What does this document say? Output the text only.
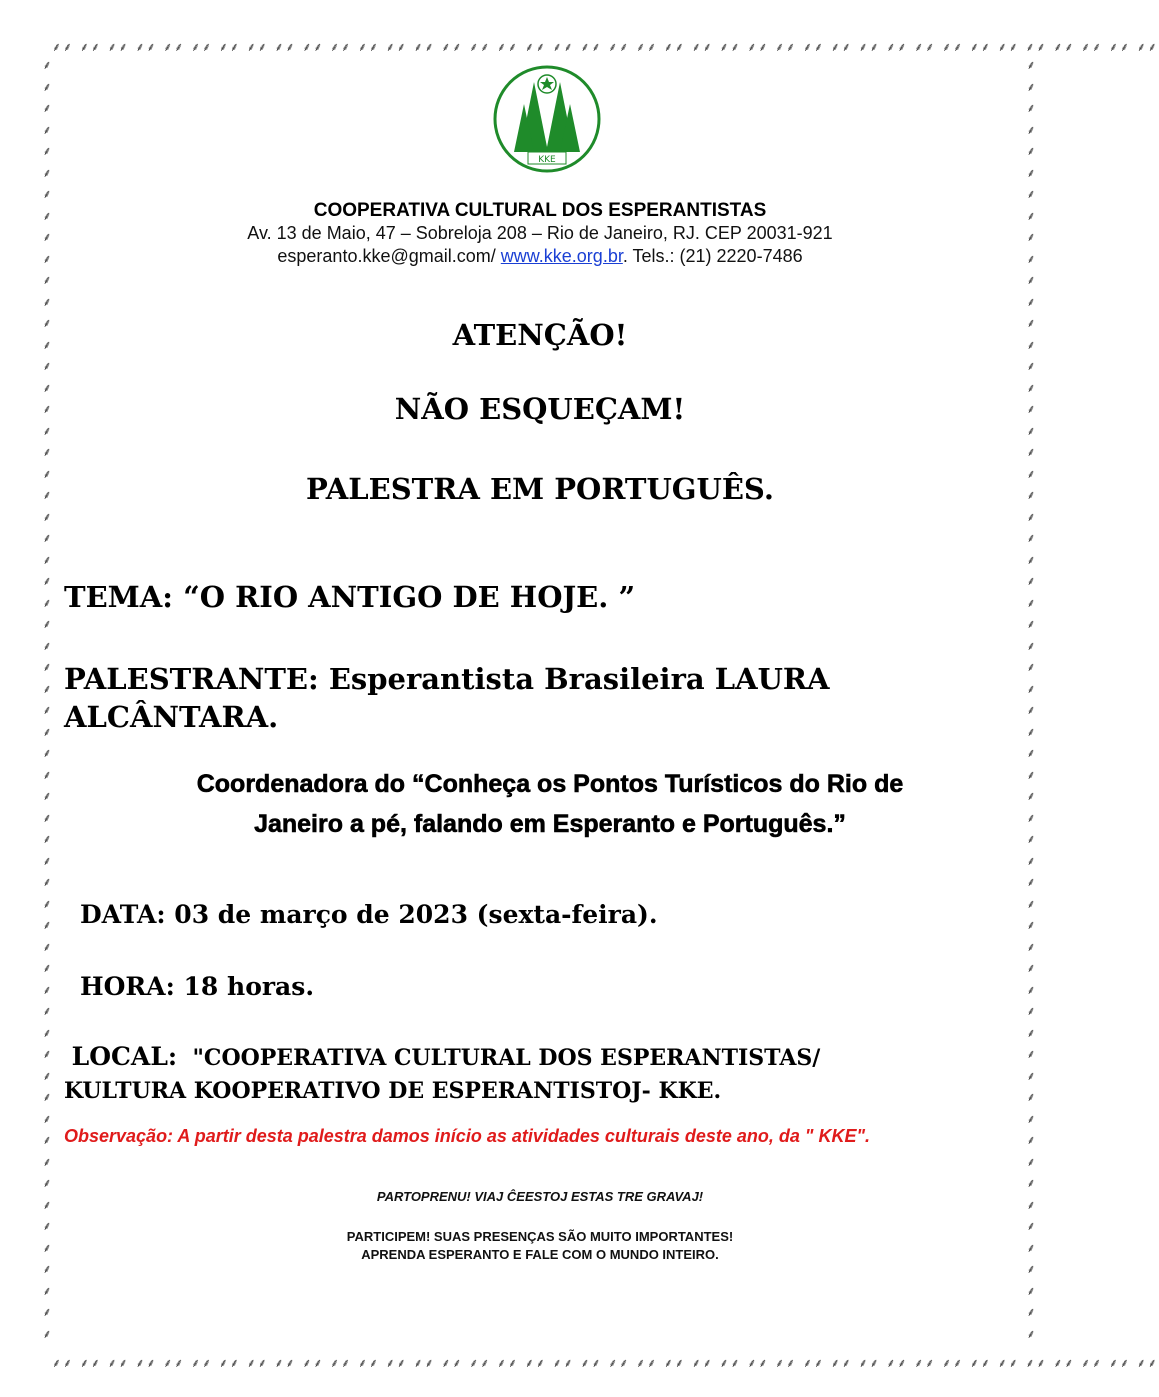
⸙⸙ ⸙⸙ ⸙⸙ ⸙⸙ ⸙⸙ ⸙⸙ ⸙⸙ ⸙⸙ ⸙⸙ ⸙⸙ ⸙⸙ ⸙⸙ ⸙⸙ ⸙⸙ ⸙⸙ ⸙⸙ ⸙⸙ ⸙⸙ ⸙⸙ ⸙⸙ ⸙⸙ ⸙⸙ ⸙⸙ ⸙⸙ ⸙⸙ ⸙⸙ ⸙⸙ ⸙⸙ ⸙⸙ ⸙⸙ ⸙⸙ ⸙⸙ ⸙⸙ ⸙⸙ ⸙⸙ ⸙⸙ ⸙⸙ ⸙⸙ ⸙⸙ ⸙⸙
⸙⸙ ⸙⸙ ⸙⸙ ⸙⸙ ⸙⸙ ⸙⸙ ⸙⸙ ⸙⸙ ⸙⸙ ⸙⸙ ⸙⸙ ⸙⸙ ⸙⸙ ⸙⸙ ⸙⸙ ⸙⸙ ⸙⸙ ⸙⸙ ⸙⸙ ⸙⸙ ⸙⸙ ⸙⸙ ⸙⸙ ⸙⸙ ⸙⸙ ⸙⸙ ⸙⸙ ⸙⸙ ⸙⸙ ⸙⸙ ⸙⸙ ⸙⸙ ⸙⸙ ⸙⸙ ⸙⸙ ⸙⸙ ⸙⸙ ⸙⸙ ⸙⸙ ⸙⸙
⸙
⸙
⸙
⸙
⸙
⸙
⸙
⸙
⸙
⸙
⸙
⸙
⸙
⸙
⸙
⸙
⸙
⸙
⸙
⸙
⸙
⸙
⸙
⸙
⸙
⸙
⸙
⸙
⸙
⸙
⸙
⸙
⸙
⸙
⸙
⸙
⸙
⸙
⸙
⸙
⸙
⸙
⸙
⸙
⸙
⸙
⸙
⸙
⸙
⸙
⸙
⸙
⸙
⸙
⸙
⸙
⸙
⸙
⸙
⸙
⸙
⸙
⸙
⸙
⸙
⸙
⸙
⸙
⸙
⸙
⸙
⸙
⸙
⸙
⸙
⸙
⸙
⸙
⸙
⸙
⸙
⸙
⸙
⸙
⸙
⸙
⸙
⸙
⸙
⸙
⸙
⸙
⸙
⸙
⸙
⸙
⸙
⸙
⸙
⸙
⸙
⸙
⸙
⸙
⸙
⸙
⸙
⸙
⸙
⸙
⸙
⸙
⸙
⸙
⸙
⸙
⸙
⸙
⸙
⸙
KKE
COOPERATIVA CULTURAL DOS ESPERANTISTAS
Av. 13 de Maio, 47 – Sobreloja 208 – Rio de Janeiro, RJ. CEP 20031-921
esperanto.kke@gmail.com/ www.kke.org.br. Tels.: (21) 2220-7486
ATENÇÃO!
NÃO ESQUEÇAM!
PALESTRA EM PORTUGUÊS.
TEMA: “O RIO ANTIGO DE HOJE. ”
PALESTRANTE: Esperantista Brasileira LAURA ALCÂNTARA.
Coordenadora do “Conheça os Pontos Turísticos do Rio de
Janeiro a pé, falando em Esperanto e Português.”
DATA: 03 de março de 2023 (sexta-feira).
HORA: 18 horas.
LOCAL: "COOPERATIVA CULTURAL DOS ESPERANTISTAS/
KULTURA KOOPERATIVO DE ESPERANTISTOJ- KKE.
Observação: A partir desta palestra damos início as atividades culturais deste ano, da " KKE".
PARTOPRENU! VIAJ ĈEESTOJ ESTAS TRE GRAVAJ!
PARTICIPEM! SUAS PRESENÇAS SÃO MUITO IMPORTANTES!
APRENDA ESPERANTO E FALE COM O MUNDO INTEIRO.
